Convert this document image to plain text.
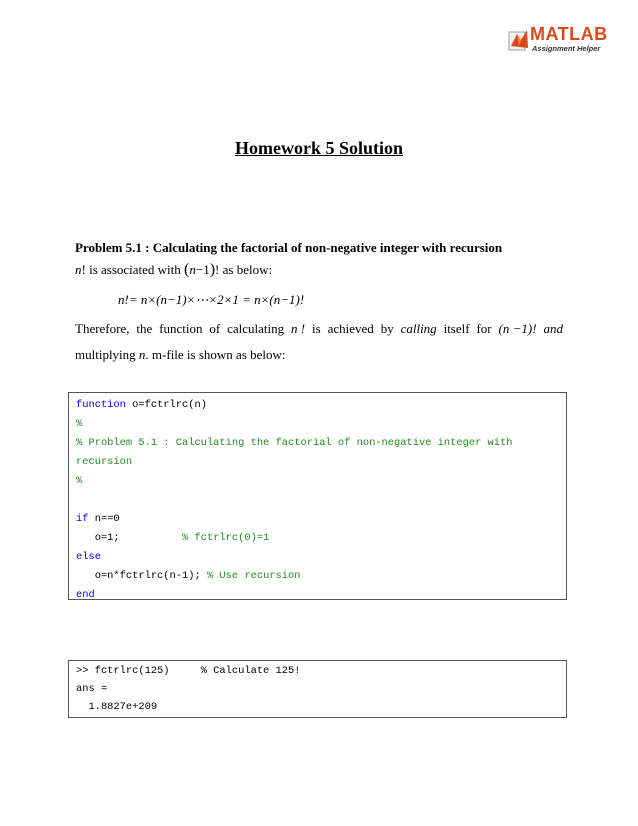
MATLAB
Assignment Helper
Homework 5 Solution
Problem 5.1 : Calculating the factorial of non-negative integer with recursion
n! is associated with (n−1)! as below:
n!= n×(n−1)×⋯×2×1 = n×(n−1)!
Therefore, the function of calculating n ! is achieved by calling itself for (n −1)! and
multiplying n. m-file is shown as below:
function o=fctrlrc(n)
%
% Problem 5.1 : Calculating the factorial of non-negative integer with
recursion
%
if n==0
o=1;          % fctrlrc(0)=1
else
o=n*fctrlrc(n-1); % Use recursion
end
>> fctrlrc(125)     % Calculate 125!
ans =
1.8827e+209
